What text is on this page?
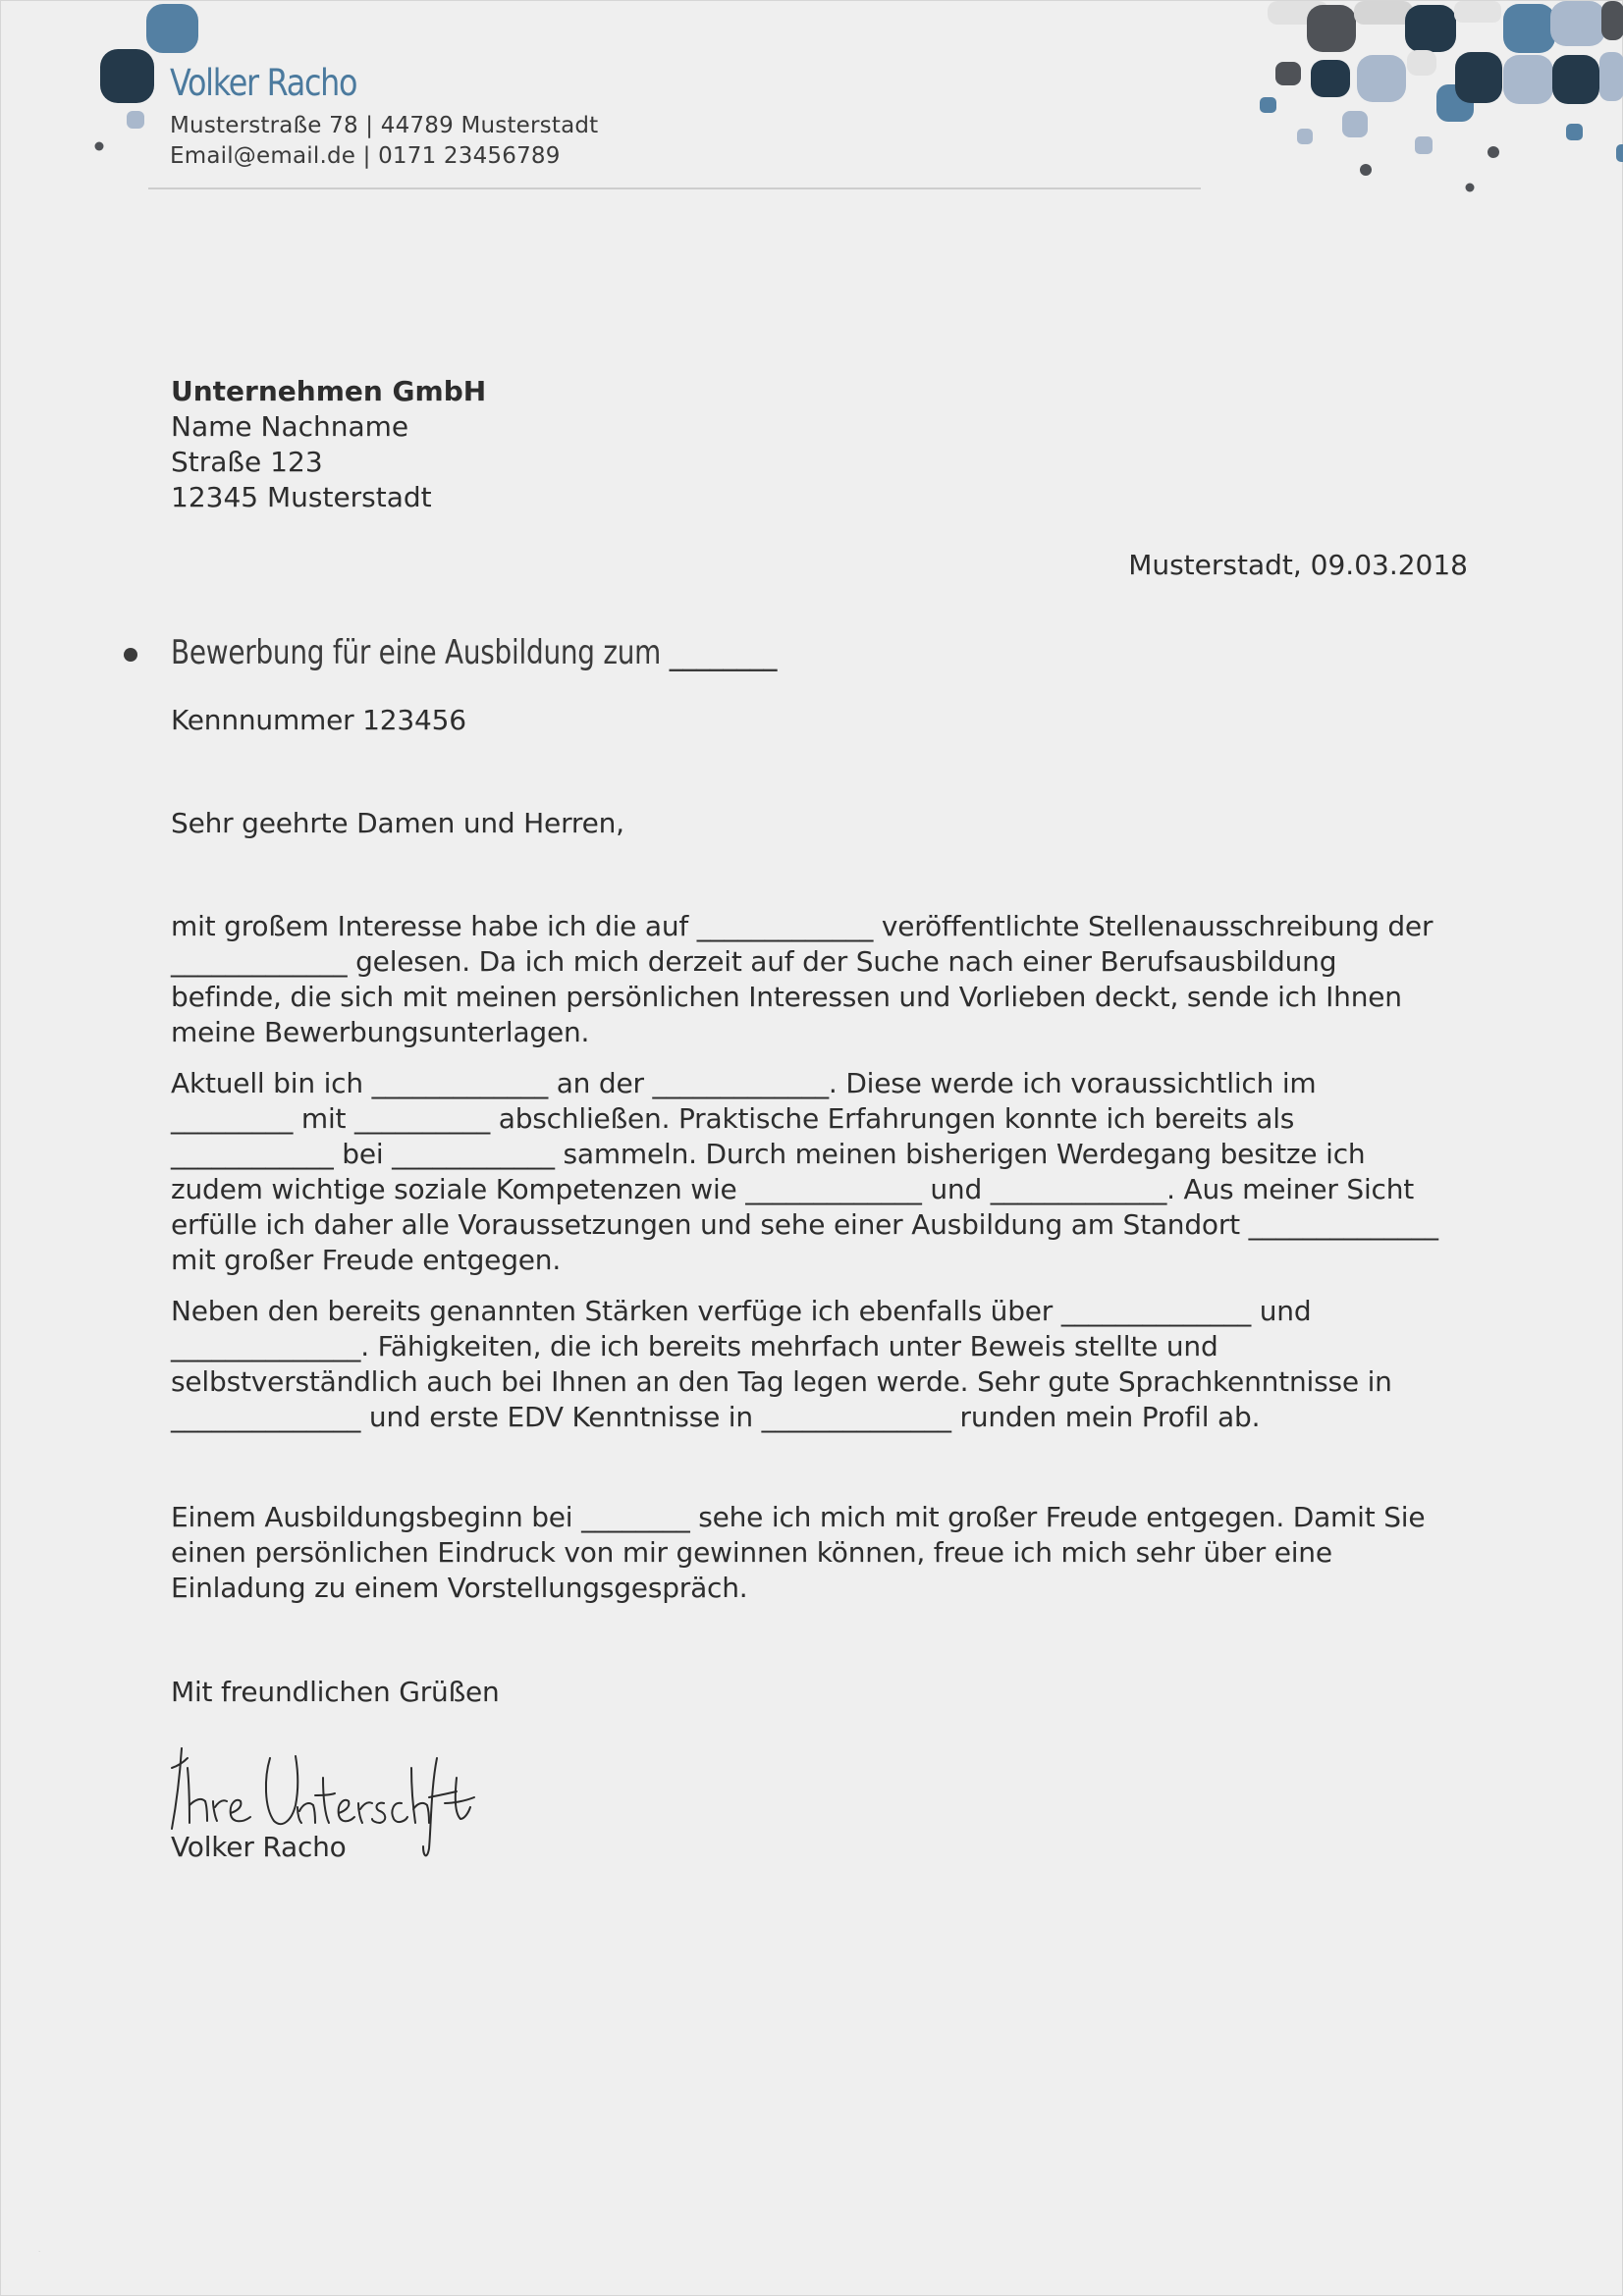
Volker Racho
Musterstraße 78 | 44789 Musterstadt
Email@email.de | 0171 23456789
Unternehmen GmbH
Name Nachname
Straße 123
12345 Musterstadt
Musterstadt, 09.03.2018
Bewerbung für eine Ausbildung zum ________
Kennnummer 123456
Sehr geehrte Damen und Herren,
mit großem Interesse habe ich die auf _____________ veröffentlichte Stellenausschreibung der
_____________ gelesen. Da ich mich derzeit auf der Suche nach einer Berufsausbildung
befinde, die sich mit meinen persönlichen Interessen und Vorlieben deckt, sende ich Ihnen
meine Bewerbungsunterlagen.
Aktuell bin ich _____________ an der _____________. Diese werde ich voraussichtlich im
_________ mit __________ abschließen. Praktische Erfahrungen konnte ich bereits als
____________ bei ____________ sammeln. Durch meinen bisherigen Werdegang besitze ich
zudem wichtige soziale Kompetenzen wie _____________ und _____________. Aus meiner Sicht
erfülle ich daher alle Voraussetzungen und sehe einer Ausbildung am Standort ______________
mit großer Freude entgegen.
Neben den bereits genannten Stärken verfüge ich ebenfalls über ______________ und
______________. Fähigkeiten, die ich bereits mehrfach unter Beweis stellte und
selbstverständlich auch bei Ihnen an den Tag legen werde. Sehr gute Sprachkenntnisse in
______________ und erste EDV Kenntnisse in ______________ runden mein Profil ab.
Einem Ausbildungsbeginn bei ________ sehe ich mich mit großer Freude entgegen. Damit Sie
einen persönlichen Eindruck von mir gewinnen können, freue ich mich sehr über eine
Einladung zu einem Vorstellungsgespräch.
Mit freundlichen Grüßen
Volker Racho
·
